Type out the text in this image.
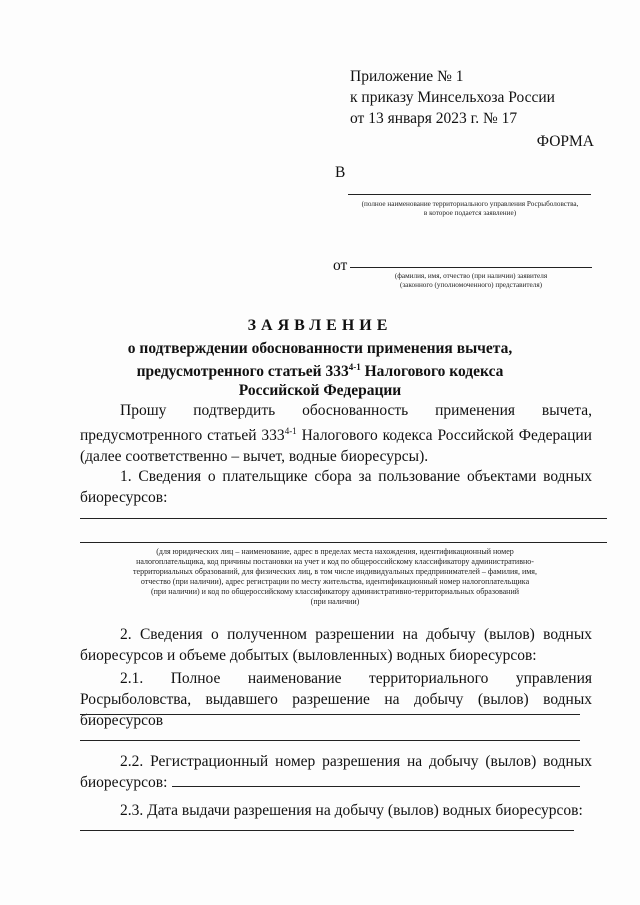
Приложение № 1
к приказу Минсельхоза России
от 13 января 2023 г. № 17
ФОРМА
В
(полное наименование территориального управления Росрыболовства,
в которое подается заявление)
от
(фамилия, имя, отчество (при наличии) заявителя
(законного (уполномоченного) представителя)
ЗАЯВЛЕНИЕ
о подтверждении обоснованности применения вычета,
предусмотренного статьей 333$^{4-1}$ Налогового кодекса
Российской Федерации
Прошу подтвердить обоснованность применения вычета,
предусмотренного статьей 333$^{4-1}$ Налогового кодекса Российской Федерации
(далее соответственно – вычет, водные биоресурсы).
1. Сведения о плательщике сбора за пользование объектами водных биоресурсов:
(для юридических лиц – наименование, адрес в пределах места нахождения, идентификационный номер
налогоплательщика, код причины постановки на учет и код по общероссийскому классификатору административно-
территориальных образований, для физических лиц, в том числе индивидуальных предпринимателей – фамилия, имя,
отчество (при наличии), адрес регистрации по месту жительства, идентификационный номер налогоплательщика
(при наличии) и код по общероссийскому классификатору административно-территориальных образований
(при наличии)
2. Сведения о полученном разрешении на добычу (вылов) водных биоресурсов и объеме добытых (выловленных) водных биоресурсов:
2.1. Полное наименование территориального управления Росрыболовства, выдавшего разрешение на добычу (вылов) водных биоресурсов
2.2. Регистрационный номер разрешения на добычу (вылов) водных биоресурсов:
2.3. Дата выдачи разрешения на добычу (вылов) водных биоресурсов:
